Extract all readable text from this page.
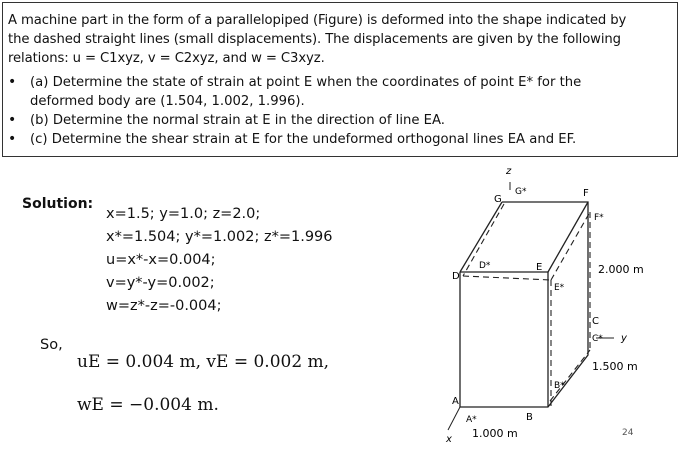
A machine part in the form of a parallelopiped (Figure) is deformed into the shape indicated by
the dashed straight lines (small displacements). The displacements are given by the following
relations: u = C1xyz, v = C2xyz, and w = C3xyz.
• (a) Determine the state of strain at point E when the coordinates of point E* for the
deformed body are (1.504, 1.002, 1.996).
• (b) Determine the normal strain at E in the direction of line EA.
• (c) Determine the shear strain at E for the undeformed orthogonal lines EA and EF.
Solution:
x=1.5; y=1.0; z=2.0;
x*=1.504; y*=1.002; z*=1.996
u=x*-x=0.004;
v=y*-y=0.002;
w=z*-z=-0.004;
So,
uE = 0.004 m, vE = 0.002 m,
wE = −0.004 m.
z
x
y
G
G*	F
F*
D
D*	E
E*
C
C*
A
A*	B
B*
2.000 m
1.500 m
1.000 m	24
